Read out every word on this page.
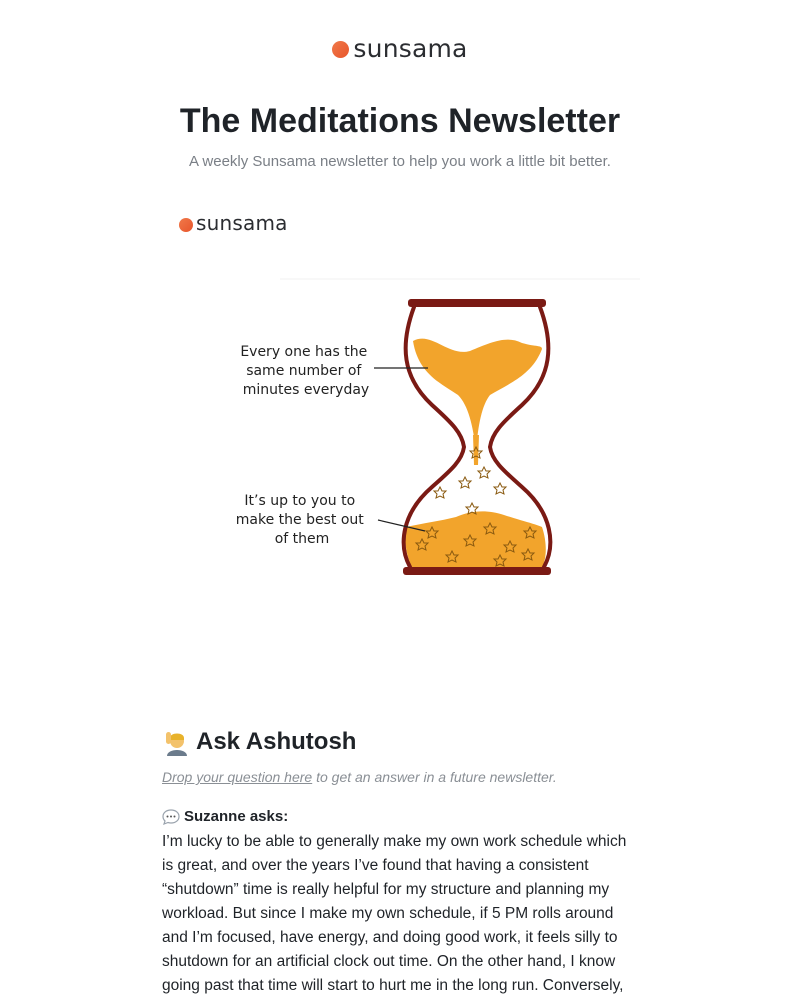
sunsama
The Meditations Newsletter
A weekly Sunsama newsletter to help you work a little bit better.
sunsama
Every one has the same number of minutes everyday
It’s up to you to make the best out of them
Ask Ashutosh
Drop your question here to get an answer in a future newsletter.
Suzanne asks:
I’m lucky to be able to generally make my own work schedule which is great, and over the years I’ve found that having a consistent “shutdown” time is really helpful for my structure and planning my workload. But since I make my own schedule, if 5 PM rolls around and I’m focused, have energy, and doing good work, it feels silly to shutdown for an artificial clock out time. On the other hand, I know going past that time will start to hurt me in the long run. Conversely,
